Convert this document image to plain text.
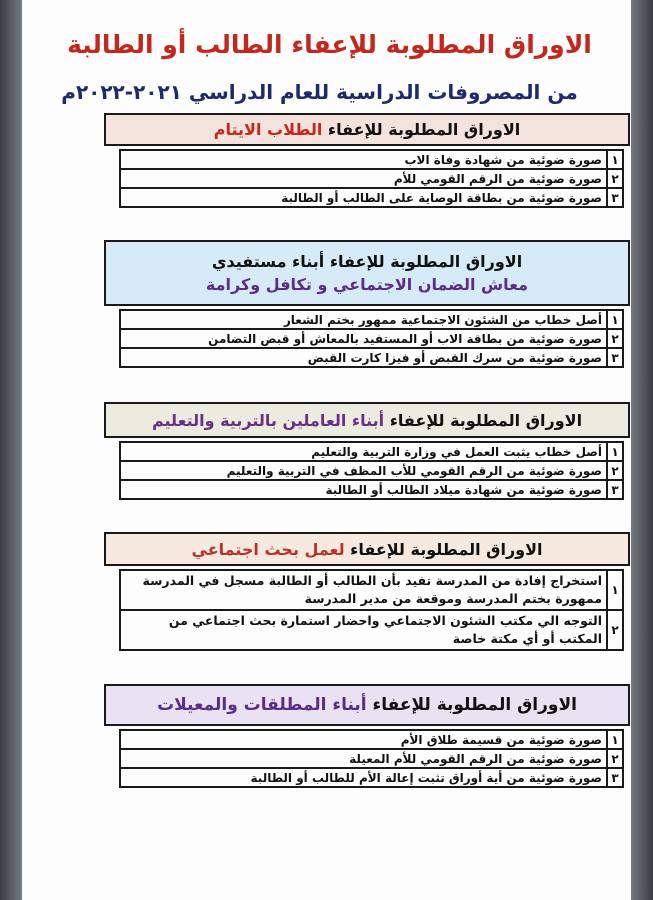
الاوراق المطلوبة للإعفاء الطالب أو الطالبة
من المصروفات الدراسية للعام الدراسي ٢٠٢١-٢٠٢٢م
الاوراق المطلوبة للإعفاء الطلاب الايتام
١	صورة ضوئية من شهادة وفاة الاب
٢	صورة ضوئية من الرقم القومي للأم
٣	صورة ضوئية من بطاقة الوصاية على الطالب أو الطالبة
الاوراق المطلوبة للإعفاء أبناء مستفيدي
معاش الضمان الاجتماعي و تكافل وكرامة
١	أصل خطاب من الشئون الاجتماعية ممهور بختم الشعار
٢	صورة ضوئية من بطاقة الاب أو المستفيد بالمعاش أو قبض التضامن
٣	صورة ضوئية من سرك القبض أو فيزا كارت القبض
الاوراق المطلوبة للإعفاء أبناء العاملين بالتربية والتعليم
١	أصل خطاب يثبت العمل في وزارة التربية والتعليم
٢	صورة ضوئية من الرقم القومي للأب المظف في التربية والتعليم
٣	صورة ضوئية من شهادة ميلاد الطالب أو الطالبة
الاوراق المطلوبة للإعفاء لعمل بحث اجتماعي
١	استخراج إفادة من المدرسة تفيد بأن الطالب أو الطالبة مسجل في المدرسة ممهورة بختم المدرسة وموقعة من مدير المدرسة
٢	التوجه الي مكتب الشئون الاجتماعي واحضار استمارة بحث اجتماعي من المكتب أو أي مكتة خاصة
الاوراق المطلوبة للإعفاء أبناء المطلقات والمعيلات
١	صورة ضوئية من قسيمة طلاق الأم
٢	صورة ضوئية من الرقم القومي للأم المعيلة
٣	صورة ضوئية من أية أوراق تثبت إعالة الأم للطالب أو الطالبة
